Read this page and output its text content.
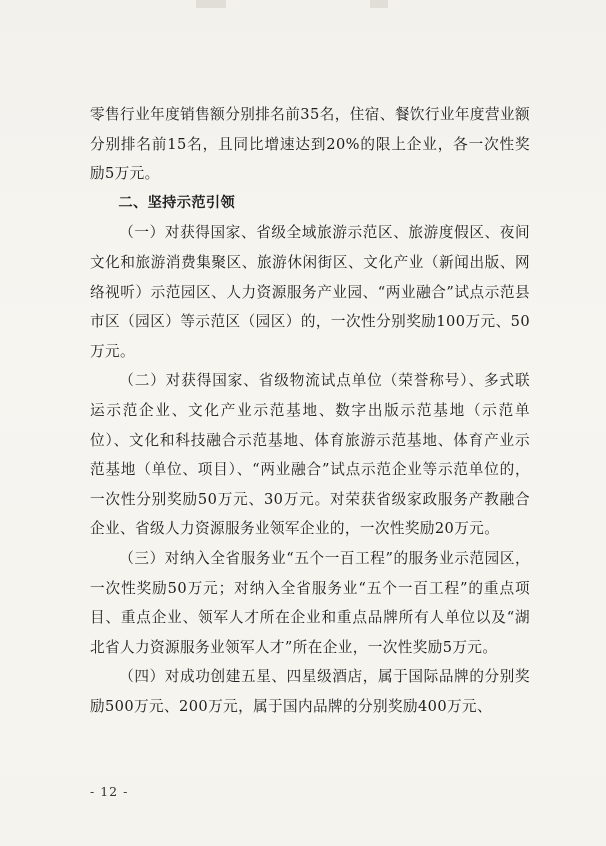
零售行业年度销售额分别排名前35名，住宿、餐饮行业年度营业额分别排名前15名，且同比增速达到20%的限上企业，各一次性奖励5万元。

二、坚持示范引领

（一）对获得国家、省级全域旅游示范区、旅游度假区、夜间文化和旅游消费集聚区、旅游休闲街区、文化产业（新闻出版、网络视听）示范园区、人力资源服务产业园、“两业融合”试点示范县市区（园区）等示范区（园区）的，一次性分别奖励100万元、50万元。

（二）对获得国家、省级物流试点单位（荣誉称号）、多式联运示范企业、文化产业示范基地、数字出版示范基地（示范单位）、文化和科技融合示范基地、体育旅游示范基地、体育产业示范基地（单位、项目）、“两业融合”试点示范企业等示范单位的，一次性分别奖励50万元、30万元。对荣获省级家政服务产教融合企业、省级人力资源服务业领军企业的，一次性奖励20万元。

（三）对纳入全省服务业“五个一百工程”的服务业示范园区，一次性奖励50万元；对纳入全省服务业“五个一百工程”的重点项目、重点企业、领军人才所在企业和重点品牌所有人单位以及“湖北省人力资源服务业领军人才”所在企业，一次性奖励5万元。

（四）对成功创建五星、四星级酒店，属于国际品牌的分别奖励500万元、200万元，属于国内品牌的分别奖励400万元、

- 12 -
